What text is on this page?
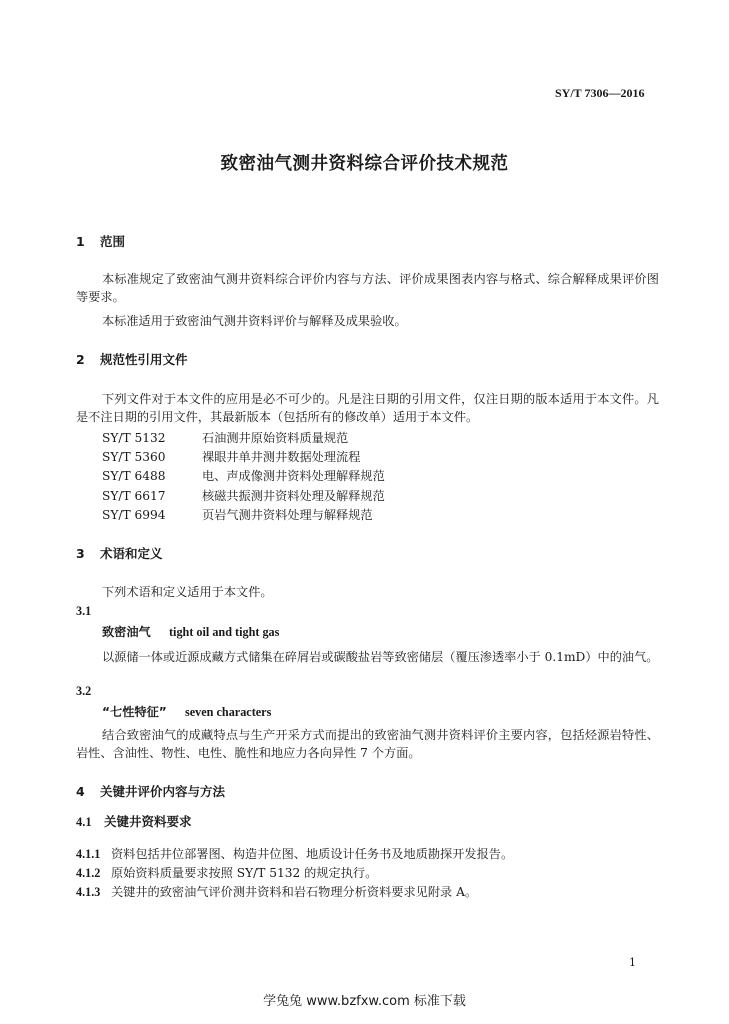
SY/T 7306—2016
致密油气测井资料综合评价技术规范
1 范围
本标准规定了致密油气测井资料综合评价内容与方法、评价成果图表内容与格式、综合解释成果评价图等要求。
本标准适用于致密油气测井资料评价与解释及成果验收。
2 规范性引用文件
下列文件对于本文件的应用是必不可少的。凡是注日期的引用文件，仅注日期的版本适用于本文件。凡是不注日期的引用文件，其最新版本（包括所有的修改单）适用于本文件。
SY/T 5132	石油测井原始资料质量规范
SY/T 5360	裸眼井单井测井数据处理流程
SY/T 6488	电、声成像测井资料处理解释规范
SY/T 6617	核磁共振测井资料处理及解释规范
SY/T 6994	页岩气测井资料处理与解释规范
3 术语和定义
下列术语和定义适用于本文件。
3.1
致密油气 tight oil and tight gas
以源储一体或近源成藏方式储集在碎屑岩或碳酸盐岩等致密储层（覆压渗透率小于 0.1mD）中的油气。
3.2
“七性特征” seven characters
结合致密油气的成藏特点与生产开采方式而提出的致密油气测井资料评价主要内容，包括烃源岩特性、岩性、含油性、物性、电性、脆性和地应力各向异性 7 个方面。
4 关键井评价内容与方法
4.1 关键井资料要求
4.1.1 资料包括井位部署图、构造井位图、地质设计任务书及地质勘探开发报告。
4.1.2 原始资料质量要求按照 SY/T 5132 的规定执行。
4.1.3 关键井的致密油气评价测井资料和岩石物理分析资料要求见附录 A。
1
学兔兔 www.bzfxw.com 标准下载
